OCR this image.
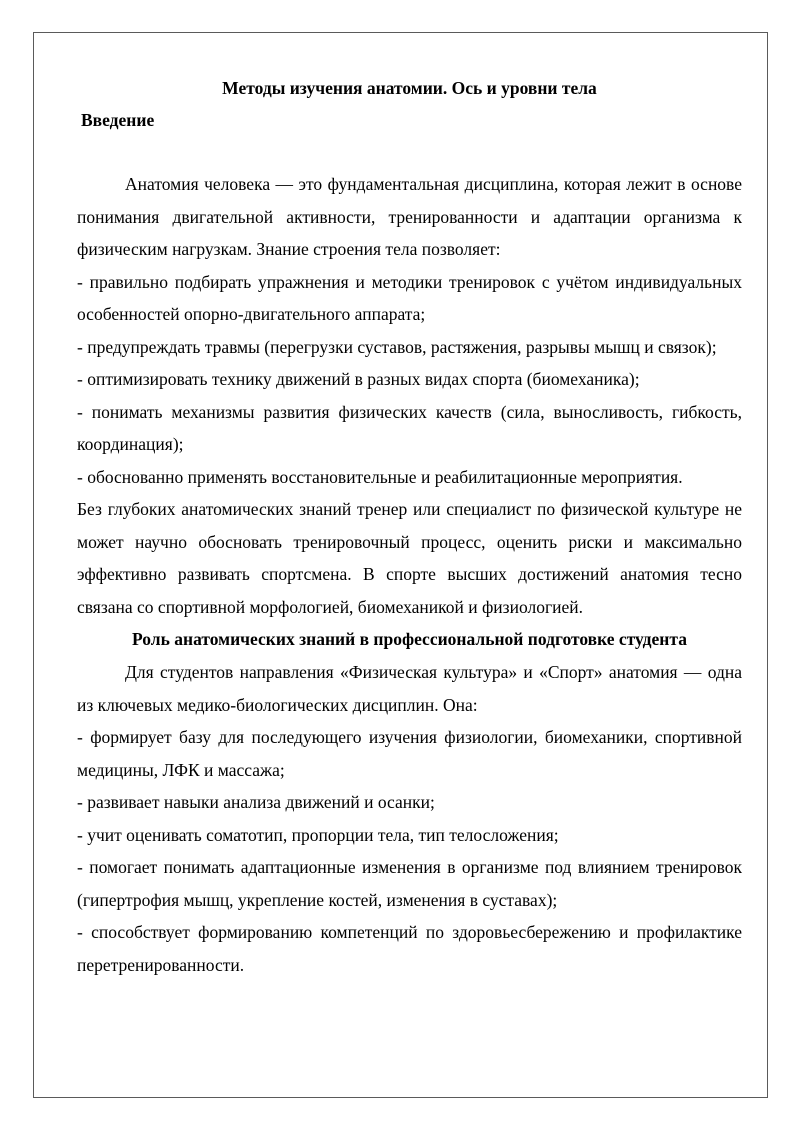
Методы изучения анатомии. Ось и уровни тела
Введение

Анатомия человека — это фундаментальная дисциплина, которая лежит в основе понимания двигательной активности, тренированности и адаптации организма к физическим нагрузкам. Знание строения тела позволяет:

- правильно подбирать упражнения и методики тренировок с учётом индивидуальных особенностей опорно-двигательного аппарата;

- предупреждать травмы (перегрузки суставов, растяжения, разрывы мышц и связок);

- оптимизировать технику движений в разных видах спорта (биомеханика);

- понимать механизмы развития физических качеств (сила, выносливость, гибкость, координация);

- обоснованно применять восстановительные и реабилитационные мероприятия.

Без глубоких анатомических знаний тренер или специалист по физической культуре не может научно обосновать тренировочный процесс, оценить риски и максимально эффективно развивать спортсмена. В спорте высших достижений анатомия тесно связана со спортивной морфологией, биомеханикой и физиологией.

Роль анатомических знаний в профессиональной подготовке студента

Для студентов направления «Физическая культура» и «Спорт» анатомия — одна из ключевых медико-биологических дисциплин. Она:

- формирует базу для последующего изучения физиологии, биомеханики, спортивной медицины, ЛФК и массажа;

- развивает навыки анализа движений и осанки;

- учит оценивать соматотип, пропорции тела, тип телосложения;

- помогает понимать адаптационные изменения в организме под влиянием тренировок (гипертрофия мышц, укрепление костей, изменения в суставах);

- способствует формированию компетенций по здоровьесбережению и профилактике перетренированности.
